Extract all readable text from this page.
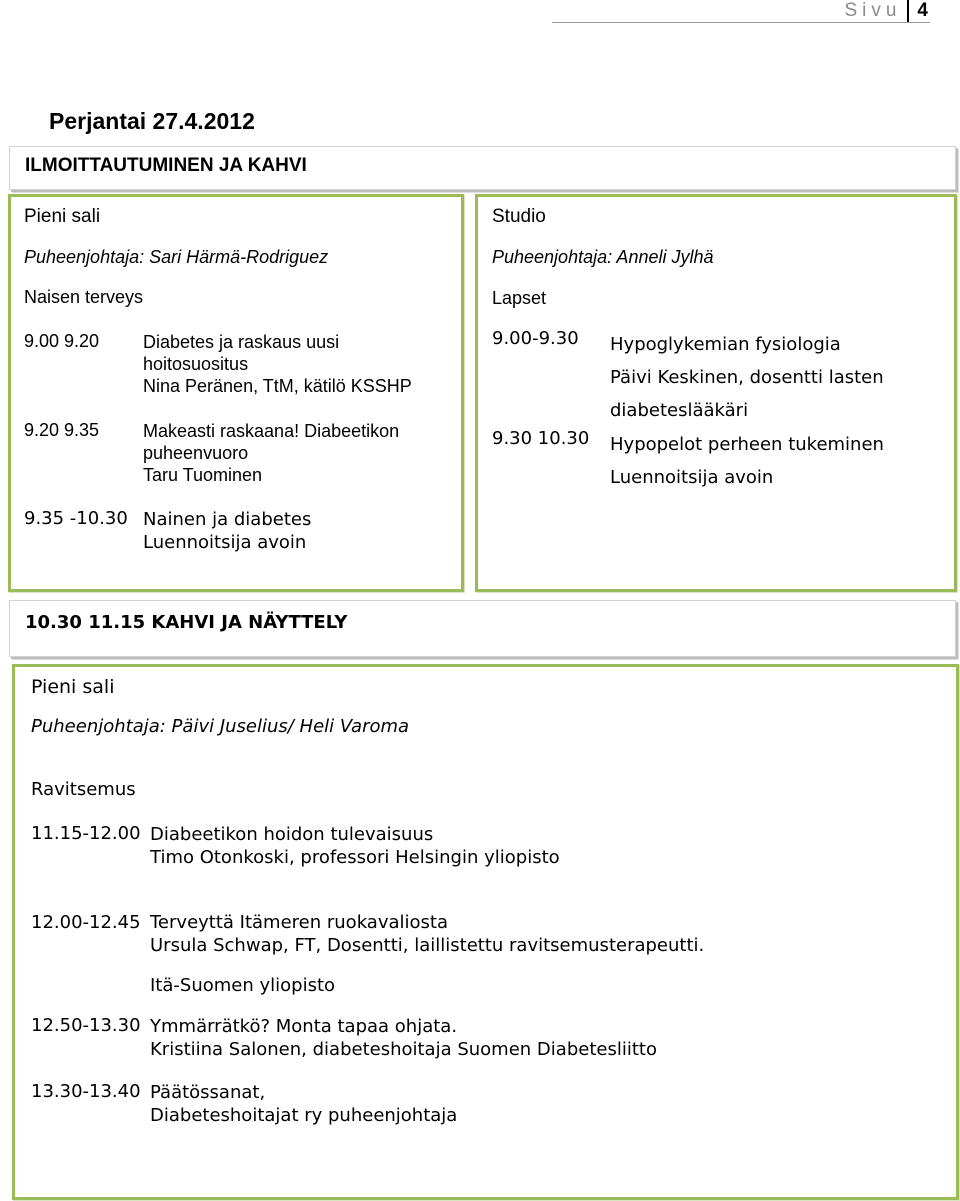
Sivu 4
Perjantai 27.4.2012
ILMOITTAUTUMINEN JA KAHVI
Pieni sali
Puheenjohtaja: Sari Härmä-Rodriguez
Naisen terveys
9.00 9.20 Diabetes ja raskaus uusi
hoitosuositus
Nina Peränen, TtM, kätilö KSSHP
9.20 9.35 Makeasti raskaana! Diabeetikon
puheenvuoro
Taru Tuominen
9.35 -10.30 Nainen ja diabetes
Luennoitsija avoin
Studio
Puheenjohtaja: Anneli Jylhä
Lapset
9.00-9.30 Hypoglykemian fysiologia
Päivi Keskinen, dosentti lasten
diabeteslääkäri
9.30 10.30 Hypopelot perheen tukeminen
Luennoitsija avoin
10.30 11.15 KAHVI JA NÄYTTELY
Pieni sali
Puheenjohtaja: Päivi Juselius/ Heli Varoma
Ravitsemus
11.15-12.00 Diabeetikon hoidon tulevaisuus
Timo Otonkoski, professori Helsingin yliopisto
12.00-12.45 Terveyttä Itämeren ruokavaliosta
Ursula Schwap, FT, Dosentti, laillistettu ravitsemusterapeutti.
Itä-Suomen yliopisto
12.50-13.30 Ymmärrätkö? Monta tapaa ohjata.
Kristiina Salonen, diabeteshoitaja Suomen Diabetesliitto
13.30-13.40 Päätössanat,
Diabeteshoitajat ry puheenjohtaja
